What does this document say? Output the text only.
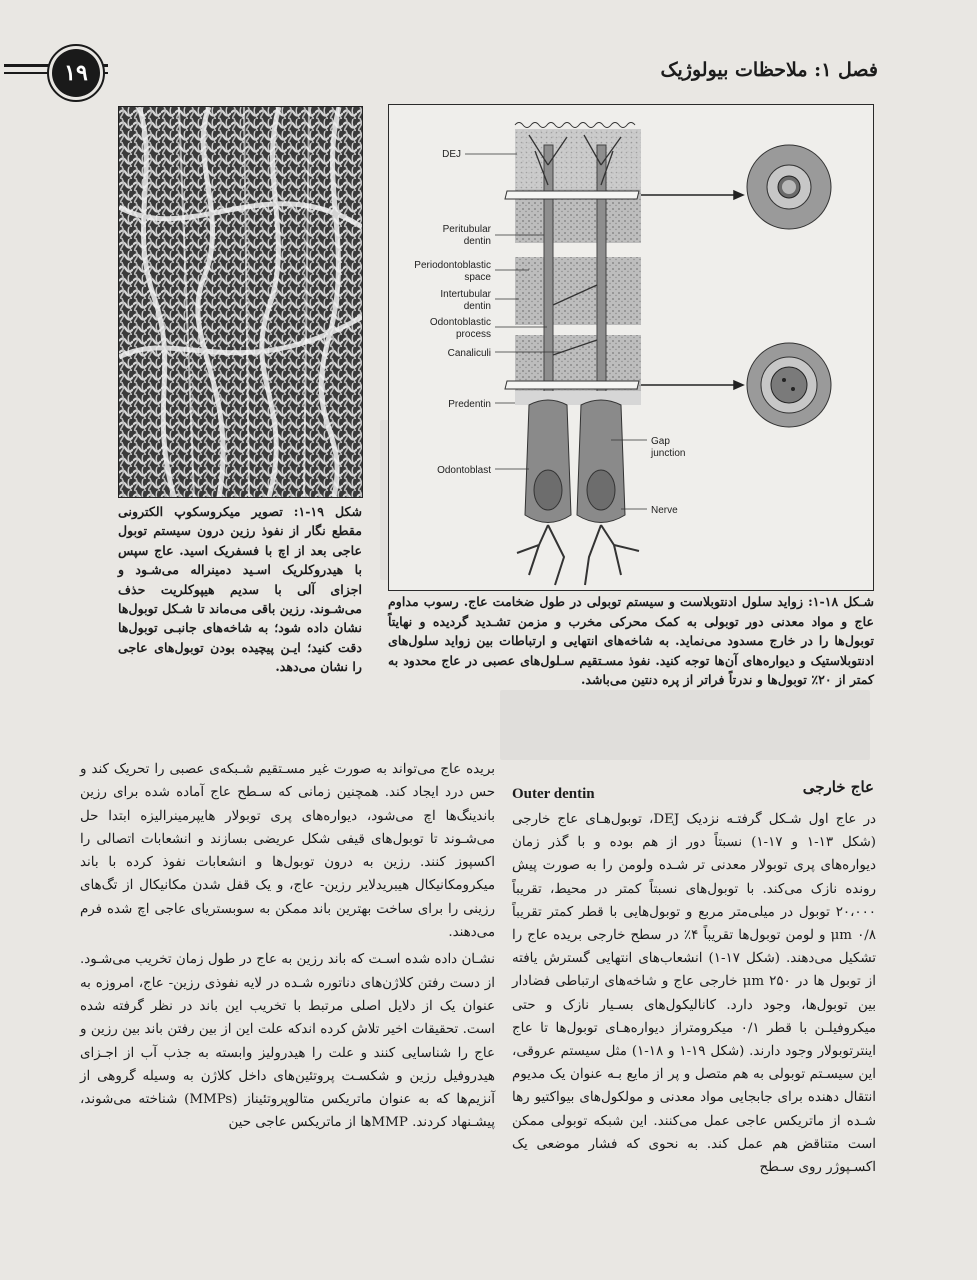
فصل ۱: ملاحظات بیولوژیک
۱۹
DEJ
Peritubular
dentin
Periodontoblastic
space
Intertubular
dentin
Odontoblastic
process
Canaliculi
Predentin
Odontoblast
Gap
junction
Nerve
شکل ۱۹-۱: تصویر میکروسکوپ الکترونی مقطع نگار از نفوذ رزین درون سیستم توبول عاجی بعد از اچ با فسفریک اسید. عاج سپس با هیدروکلریک اسـید دمینراله می‌شـود و اجزای آلی با سدیم هیپوکلریت حذف می‌شـوند. رزین باقی می‌ماند تا شـکل توبول‌ها نشان داده شود؛ به شاخه‌های جانبـی توبول‌ها دقت کنید؛ ایـن پیچیده بودن توبول‌های عاجی را نشان می‌دهد.
شـکل ۱۸-۱: زواید سلول ادنتوبلاست و سیستم توبولی در طول ضخامت عاج. رسوب مداوم عاج و مواد معدنی دور توبولی به کمک محرکی مخرب و مزمن تشـدید گردیده و نهایتاً توبول‌ها را در خارج مسدود می‌نماید. به شاخه‌های انتهایی و ارتباطات بین زواید سلول‌های ادنتوبلاستیک و دیواره‌های آن‌ها توجه کنید. نفوذ مسـتقیم سـلول‌های عصبی در عاج محدود به کمتر از ۲۰٪ توبول‌ها و ندرتاً فراتر از پره دنتین می‌باشد.

بریده عاج می‌تواند به صورت غیر مسـتقیم شـبکه‌ی عصبی را تحریک کند و حس درد ایجاد کند. همچنین زمانی که سـطح عاج آماده شده برای رزین باندینگ‌ها اچ می‌شود، دیواره‌های پری توبولار هایپرمینرالیزه ابتدا حل می‌شـوند تا توبول‌های قیفی شکل عریضی بسازند و انشعابات اتصالی را اکسپوز کنند. رزین به درون توبول‌ها و انشعابات نفوذ کرده با باند میکرومکانیکال هیبریدلایر رزین- عاج، و یک قفل شدن مکانیکال از تگ‌های رزینی را برای ساخت بهترین باند ممکن به سوبستریای عاجی اچ شده فرم می‌دهند.

نشـان داده شده اسـت که باند رزین به عاج در طول زمان تخریب می‌شـود. از دست رفتن کلاژن‌های دناتوره شـده در لایه نفوذی رزین- عاج، امروزه به عنوان یک از دلایل اصلی مرتبط با تخریب این باند در نظر گرفته شده است. تحقیقات اخیر تلاش کرده اندکه علت این از بین رفتن باند بین رزین و عاج را شناسایی کنند و علت را هیدرولیز وابسته به جذب آب از اجـزای هیدروفیل رزین و شکسـت پروتئین‌های داخل کلاژن به وسیله گروهی از آنزیم‌ها که به عنوان ماتریکس متالوپروتئیناز (MMPs) شناخته می‌شوند، پیشـنهاد کردند. MMPها از ماتریکس عاجی حین

عاج خارجی
Outer dentin
در عاج اول شـکل گرفتـه نزدیک DEJ، توبول‌هـای عاج خارجی (شکل ۱۳-۱ و ۱۷-۱) نسبتاً دور از هم بوده و با گذر زمان دیواره‌های پری توبولار معدنی تر شـده ولومن را به صورت پیش رونده نازک می‌کند. با توبول‌های نسبتاً کمتر در محیط، تقریباً ۲۰،۰۰۰ توبول در میلی‌متر مربع و توبول‌هایی با قطر کمتر تقریباً ۰/۸ μm و لومن توبول‌ها تقریباً ۴٪ در سطح خارجی بریده عاج را تشکیل می‌دهند. (شکل ۱۷-۱) انشعاب‌های انتهایی گسترش یافته از توبول ها در ۲۵۰ μm خارجی عاج و شاخه‌های ارتباطی فضادار بین توبول‌ها، وجود دارد. کانالیکول‌های بسـیار نازک و حتی میکروفیلـن با قطر ۰/۱ میکرومتراز دیواره‌هـای توبول‌ها تا عاج اینترتوبولار وجود دارند. (شکل ۱۹-۱ و ۱۸-۱) مثل سیستم عروقی، این سیسـتم توبولی به هم متصل و پر از مایع بـه عنوان یک مدیوم انتقال دهنده برای جابجایی مواد معدنی و مولکول‌های بیواکتیو رها شـده از ماتریکس عاجی عمل می‌کنند. این شبکه توبولی ممکن است متناقض هم عمل کند. به نحوی که فشار موضعی یک اکسـپوژر روی سـطح
